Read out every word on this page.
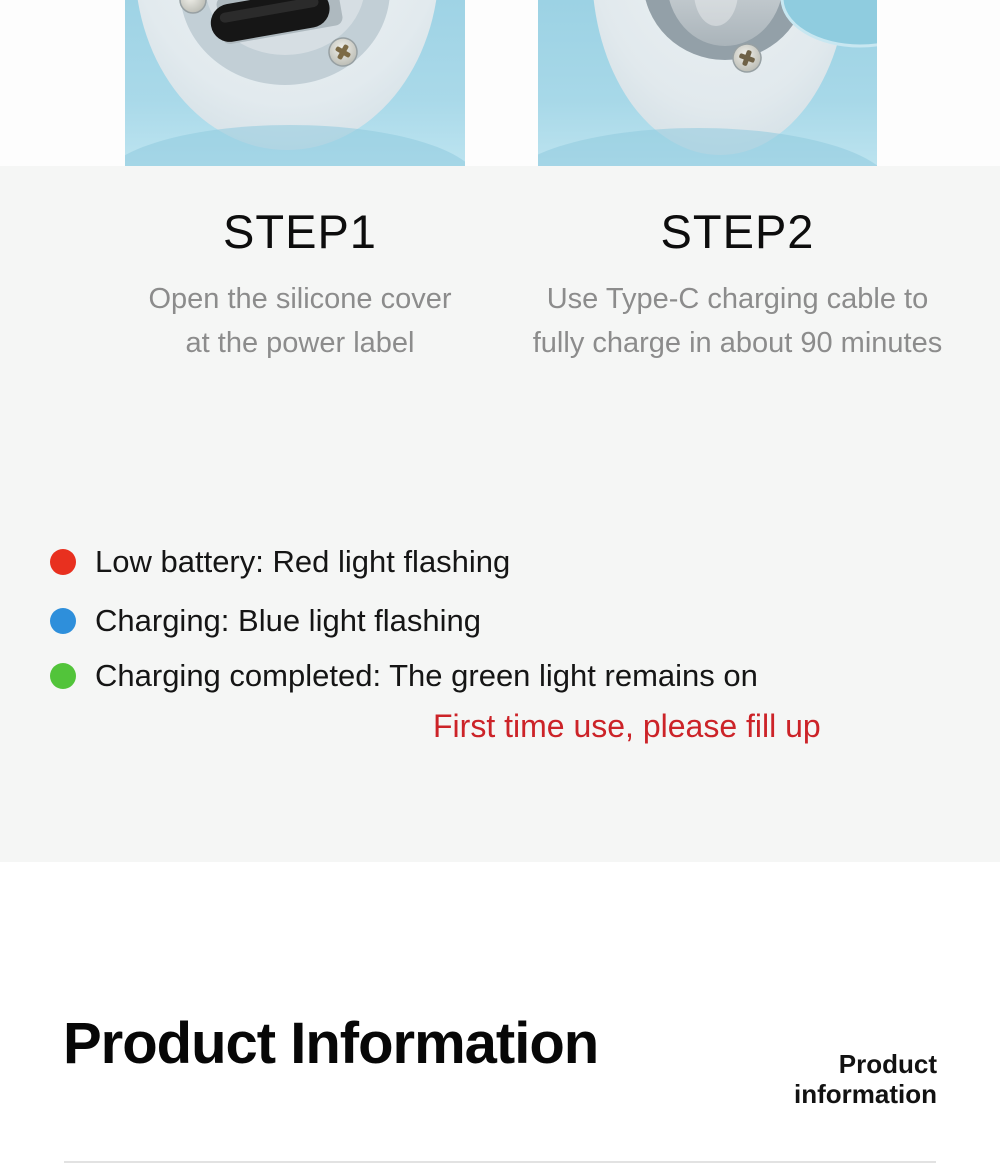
STEP1
Open the silicone cover
at the power label
STEP2
Use Type-C charging cable to
fully charge in about 90 minutes
Low battery: Red light flashing
Charging: Blue light flashing
Charging completed: The green light remains on
First time use, please fill up
Product Information	Product
information
